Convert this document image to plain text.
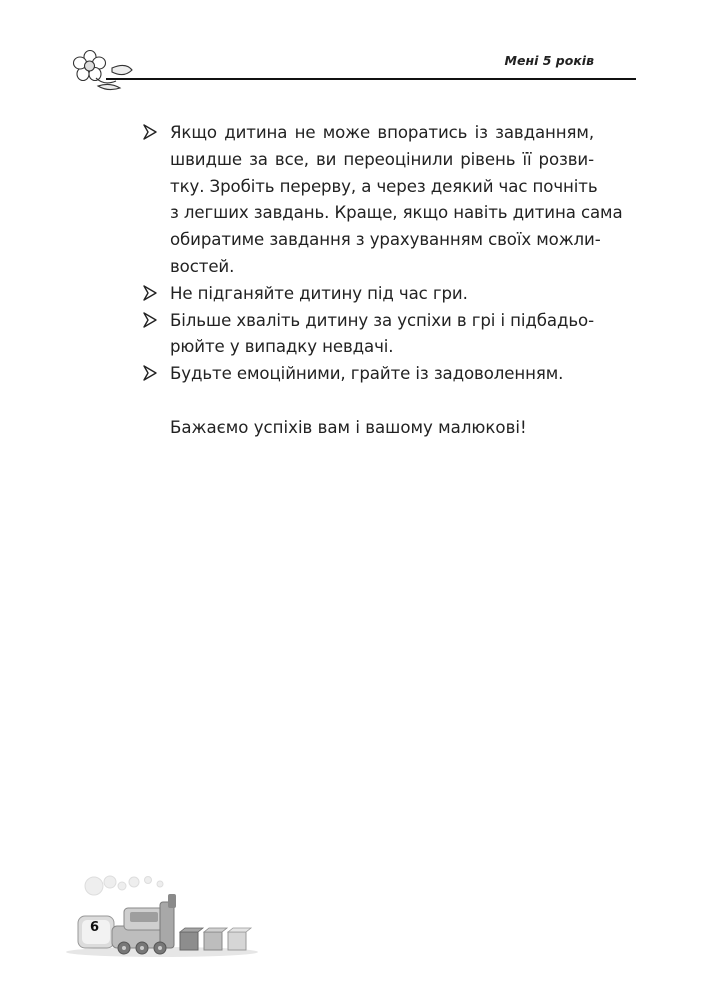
Мені 5 років
Якщо дитина не може впоратись із завданням,
швидше за все, ви переоцінили рівень її розви-
тку. Зробіть перерву, а через деякий час почніть
з легших завдань. Краще, якщо навіть дитина сама
обиратиме завдання з урахуванням своїх можли-
востей.
Не підганяйте дитину під час гри.
Більше хваліть дитину за успіхи в грі і підбадьо-
рюйте у випадку невдачі.
Будьте емоційними, грайте із задоволенням.
Бажаємо успіхів вам і вашому малюкові!
6
